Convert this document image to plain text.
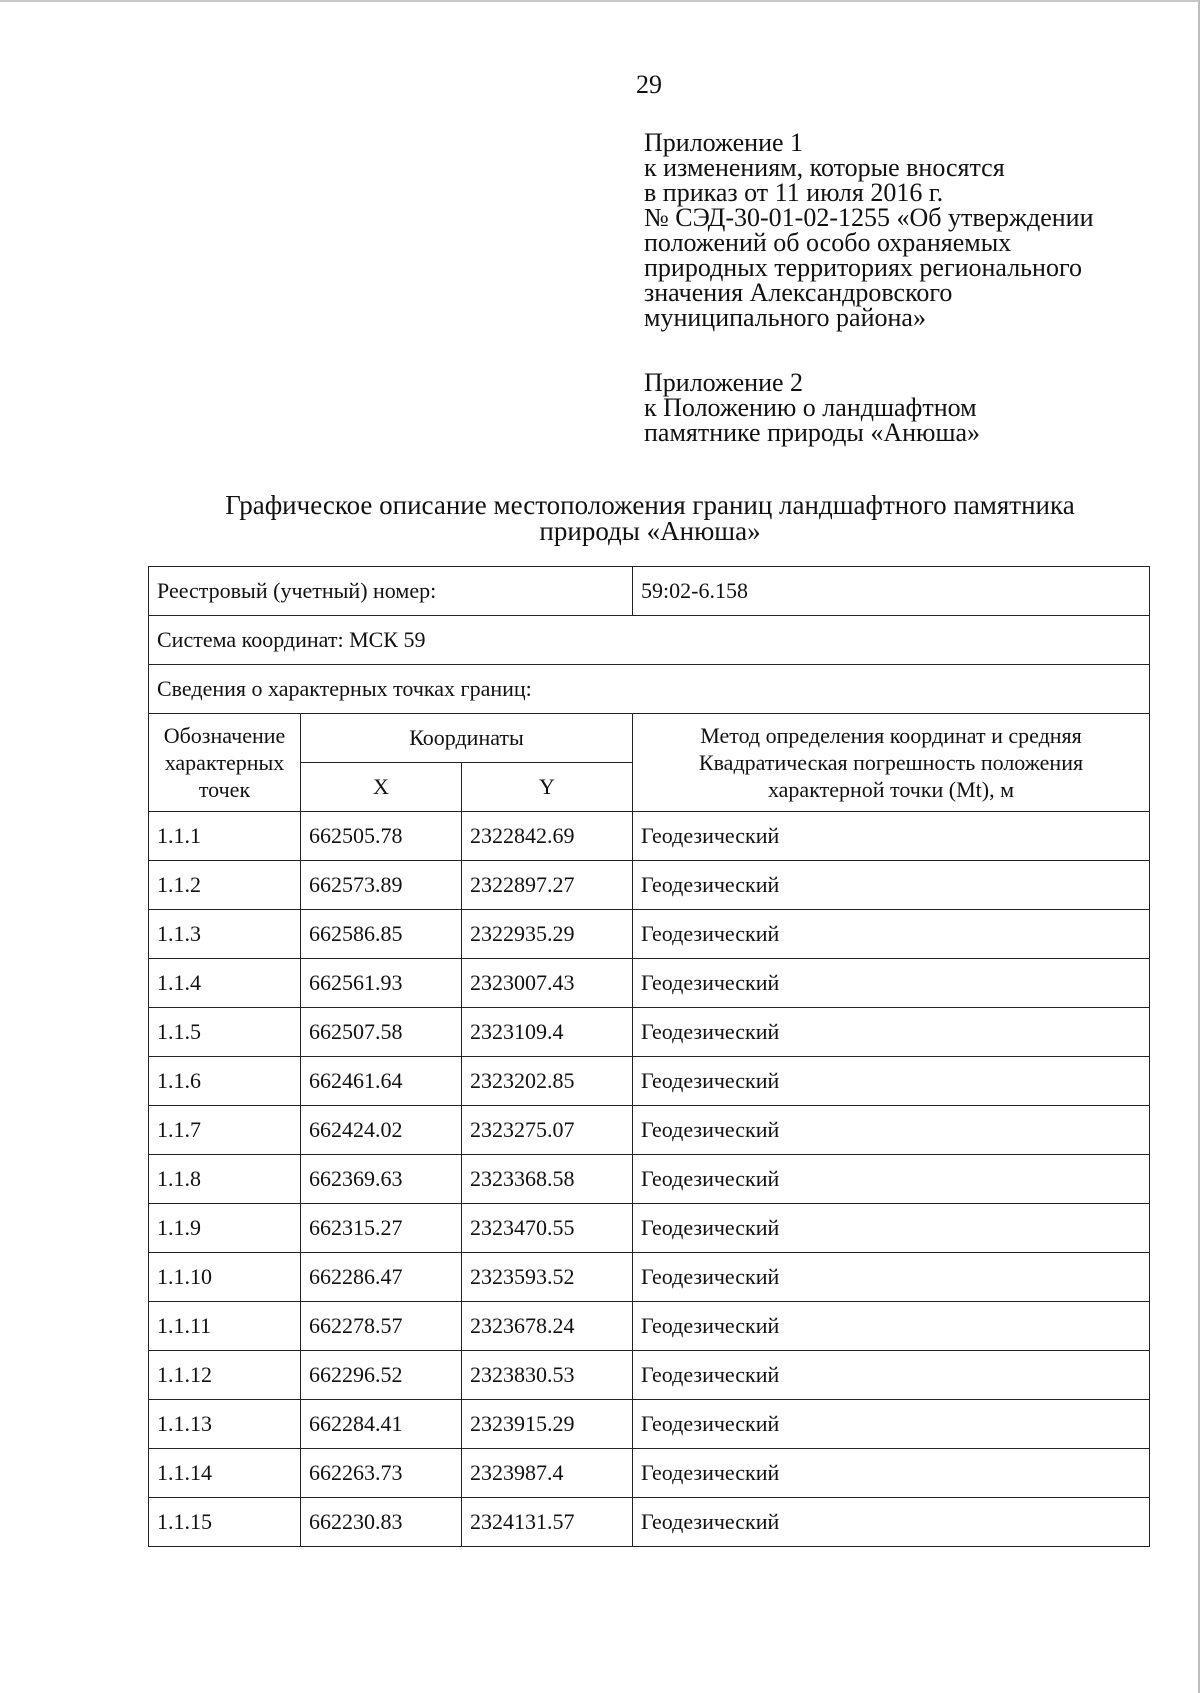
29
Приложение 1
к изменениям, которые вносятся
в приказ от 11 июля 2016 г.
№ СЭД-30-01-02-1255 «Об утверждении
положений об особо охраняемых
природных территориях регионального
значения Александровского
муниципального района»
Приложение 2
к Положению о ландшафтном
памятнике природы «Анюша»
Графическое описание местоположения границ ландшафтного памятника
природы «Анюша»
Реестровый (учетный) номер:			59:02-6.158
Система координат: МСК 59			
Сведения о характерных точках границ:			
Обозначение характерных точек	Координаты		Метод определения координат и средняя Квадратическая погрешность положения характерной точки (Mt), м
	X	Y	
1.1.1	662505.78	2322842.69	Геодезический
1.1.2	662573.89	2322897.27	Геодезический
1.1.3	662586.85	2322935.29	Геодезический
1.1.4	662561.93	2323007.43	Геодезический
1.1.5	662507.58	2323109.4	Геодезический
1.1.6	662461.64	2323202.85	Геодезический
1.1.7	662424.02	2323275.07	Геодезический
1.1.8	662369.63	2323368.58	Геодезический
1.1.9	662315.27	2323470.55	Геодезический
1.1.10	662286.47	2323593.52	Геодезический
1.1.11	662278.57	2323678.24	Геодезический
1.1.12	662296.52	2323830.53	Геодезический
1.1.13	662284.41	2323915.29	Геодезический
1.1.14	662263.73	2323987.4	Геодезический
1.1.15	662230.83	2324131.57	Геодезический
